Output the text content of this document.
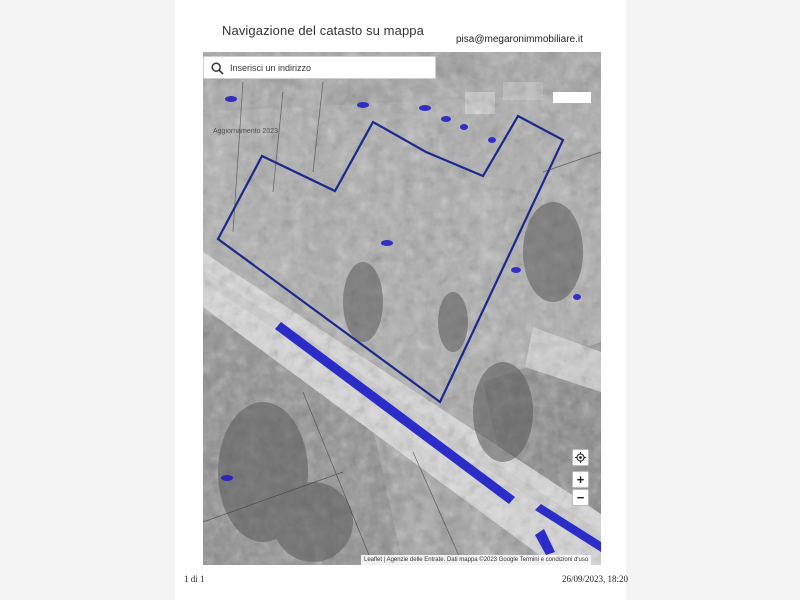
Navigazione del catasto su mappa
pisa@megaronimmobiliare.it
Aggiornamento 2023
Inserisci un indirizzo
+
−
Leaflet | Agenzie delle Entrate. Dati mappa ©2023 Google Termini e condizioni d'uso
1 di 1	26/09/2023, 18:20
